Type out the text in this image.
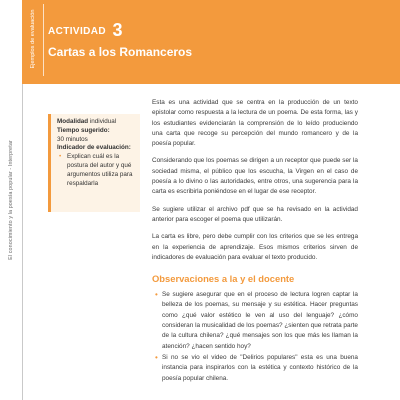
El conocimiento y la poesía popular - Interpretar
Ejemplos de evaluación ACTIVIDAD 3
Cartas a los Romanceros
Modalidad individual
Tiempo sugerido:
30 minutos
Indicador de evaluación:
• Explican cuál es la postura del autor y qué argumentos utiliza para respaldarla

Esta es una actividad que se centra en la producción de un texto epistolar como respuesta a la lectura de un poema. De esta forma, las y los estudiantes evidenciarán la comprensión de lo leído produciendo una carta que recoge su percepción del mundo romancero y de la poesía popular.

Considerando que los poemas se dirigen a un receptor que puede ser la sociedad misma, el público que los escucha, la Virgen en el caso de poesía a lo divino o las autoridades, entre otros, una sugerencia para la carta es escribirla poniéndose en el lugar de ese receptor.

Se sugiere utilizar el archivo pdf que se ha revisado en la actividad anterior para escoger el poema que utilizarán.

La carta es libre, pero debe cumplir con los criterios que se les entrega en la experiencia de aprendizaje. Esos mismos criterios sirven de indicadores de evaluación para evaluar el texto producido.

Observaciones a la y el docente
• Se sugiere asegurar que en el proceso de lectura logren captar la belleza de los poemas, su mensaje y su estética. Hacer preguntas como ¿qué valor estético le ven al uso del lenguaje? ¿cómo consideran la musicalidad de los poemas? ¿sienten que retrata parte de la cultura chilena? ¿qué mensajes son los que más les llaman la atención? ¿hacen sentido hoy?
• Si no se vio el video de "Delirios populares" esta es una buena instancia para inspirarlos con la estética y contexto histórico de la poesía popular chilena.
